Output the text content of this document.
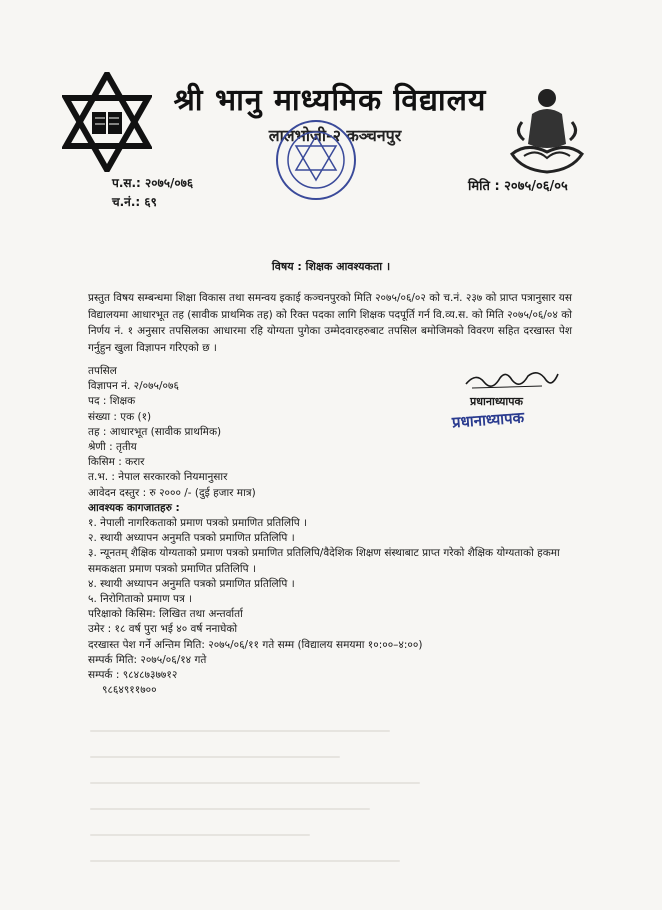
श्री भानु माध्यमिक विद्यालय
लालभोजी-२ कञ्चनपुर
प.स.: २०७५/०७६
च.नं.: ६९
मिति : २०७५/०६/०५
विषय : शिक्षक आवश्यकता ।
प्रस्तुत विषय सम्बन्धमा शिक्षा विकास तथा समन्वय इकाई कञ्चनपुरको मिति २०७५/०६/०२ को च.नं. २३७ को प्राप्त पत्रानुसार यस विद्यालयमा आधारभूत तह (सावीक प्राथमिक तह) को रिक्त पदका लागि शिक्षक पदपूर्ति गर्न वि.व्य.स. को मिति २०७५/०६/०४ को निर्णय नं. १ अनुसार तपसिलका आधारमा रहि योग्यता पुगेका उम्मेदवारहरुबाट तपसिल बमोजिमको विवरण सहित दरखास्त पेश गर्नुहुन खुला विज्ञापन गरिएको छ ।
प्रधानाध्यापक
प्रधानाध्यापक
तपसिल
विज्ञापन नं. २/०७५/०७६
पद : शिक्षक
संख्या : एक (१)
तह : आधारभूत (सावीक प्राथमिक)
श्रेणी : तृतीय
किसिम : करार
त.भ. : नेपाल सरकारको नियमानुसार
आवेदन दस्तुर : रु २००० /- (दुई हजार मात्र)
आवश्यक कागजातहरु :
१. नेपाली नागरिकताको प्रमाण पत्रको प्रमाणित प्रतिलिपि ।
२. स्थायी अध्यापन अनुमति पत्रको प्रमाणित प्रतिलिपि ।
३. न्यूनतम् शैक्षिक योग्यताको प्रमाण पत्रको प्रमाणित प्रतिलिपि/वैदेशिक शिक्षण संस्थाबाट प्राप्त गरेको शैक्षिक योग्यताको हकमा समकक्षता प्रमाण पत्रको प्रमाणित प्रतिलिपि ।
४. स्थायी अध्यापन अनुमति पत्रको प्रमाणित प्रतिलिपि ।
५. निरोगिताको प्रमाण पत्र ।
परिक्षाको किसिम: लिखित तथा अन्तर्वार्ता
उमेर : १८ वर्ष पुरा भई ४० वर्ष ननाघेको
दरखास्त पेश गर्ने अन्तिम मिति: २०७५/०६/११ गते सम्म (विद्यालय समयमा १०:००–४:००)
सम्पर्क मिति: २०७५/०६/१४ गते
सम्पर्क : ९८४८७३७७१२
९८६४९११७००
